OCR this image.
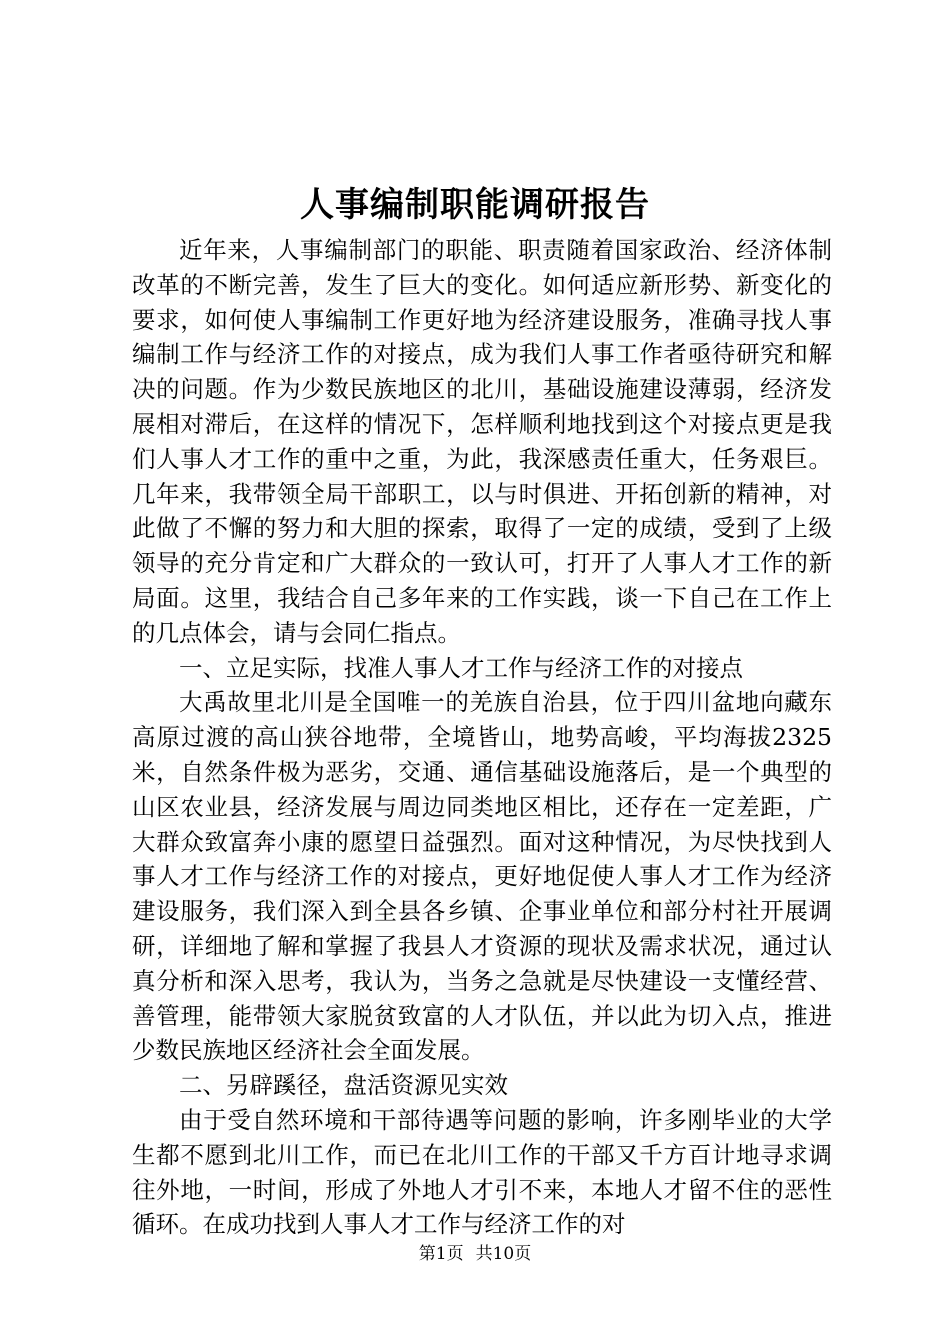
人事编制职能调研报告

近年来，人事编制部门的职能、职责随着国家政治、经济体制改革的不断完善，发生了巨大的变化。如何适应新形势、新变化的要求，如何使人事编制工作更好地为经济建设服务，准确寻找人事编制工作与经济工作的对接点，成为我们人事工作者亟待研究和解决的问题。作为少数民族地区的北川，基础设施建设薄弱，经济发展相对滞后，在这样的情况下，怎样顺利地找到这个对接点更是我们人事人才工作的重中之重，为此，我深感责任重大，任务艰巨。几年来，我带领全局干部职工，以与时俱进、开拓创新的精神，对此做了不懈的努力和大胆的探索，取得了一定的成绩，受到了上级领导的充分肯定和广大群众的一致认可，打开了人事人才工作的新局面。这里，我结合自己多年来的工作实践，谈一下自己在工作上的几点体会，请与会同仁指点。

一、立足实际，找准人事人才工作与经济工作的对接点

大禹故里北川是全国唯一的羌族自治县，位于四川盆地向藏东高原过渡的高山狭谷地带，全境皆山，地势高峻，平均海拔2325米，自然条件极为恶劣，交通、通信基础设施落后，是一个典型的山区农业县，经济发展与周边同类地区相比，还存在一定差距，广大群众致富奔小康的愿望日益强烈。面对这种情况，为尽快找到人事人才工作与经济工作的对接点，更好地促使人事人才工作为经济建设服务，我们深入到全县各乡镇、企事业单位和部分村社开展调研，详细地了解和掌握了我县人才资源的现状及需求状况，通过认真分析和深入思考，我认为，当务之急就是尽快建设一支懂经营、善管理，能带领大家脱贫致富的人才队伍，并以此为切入点，推进少数民族地区经济社会全面发展。

二、另辟蹊径，盘活资源见实效

由于受自然环境和干部待遇等问题的影响，许多刚毕业的大学生都不愿到北川工作，而已在北川工作的干部又千方百计地寻求调往外地，一时间，形成了外地人才引不来，本地人才留不住的恶性循环。在成功找到人事人才工作与经济工作的对

第1页 共10页
